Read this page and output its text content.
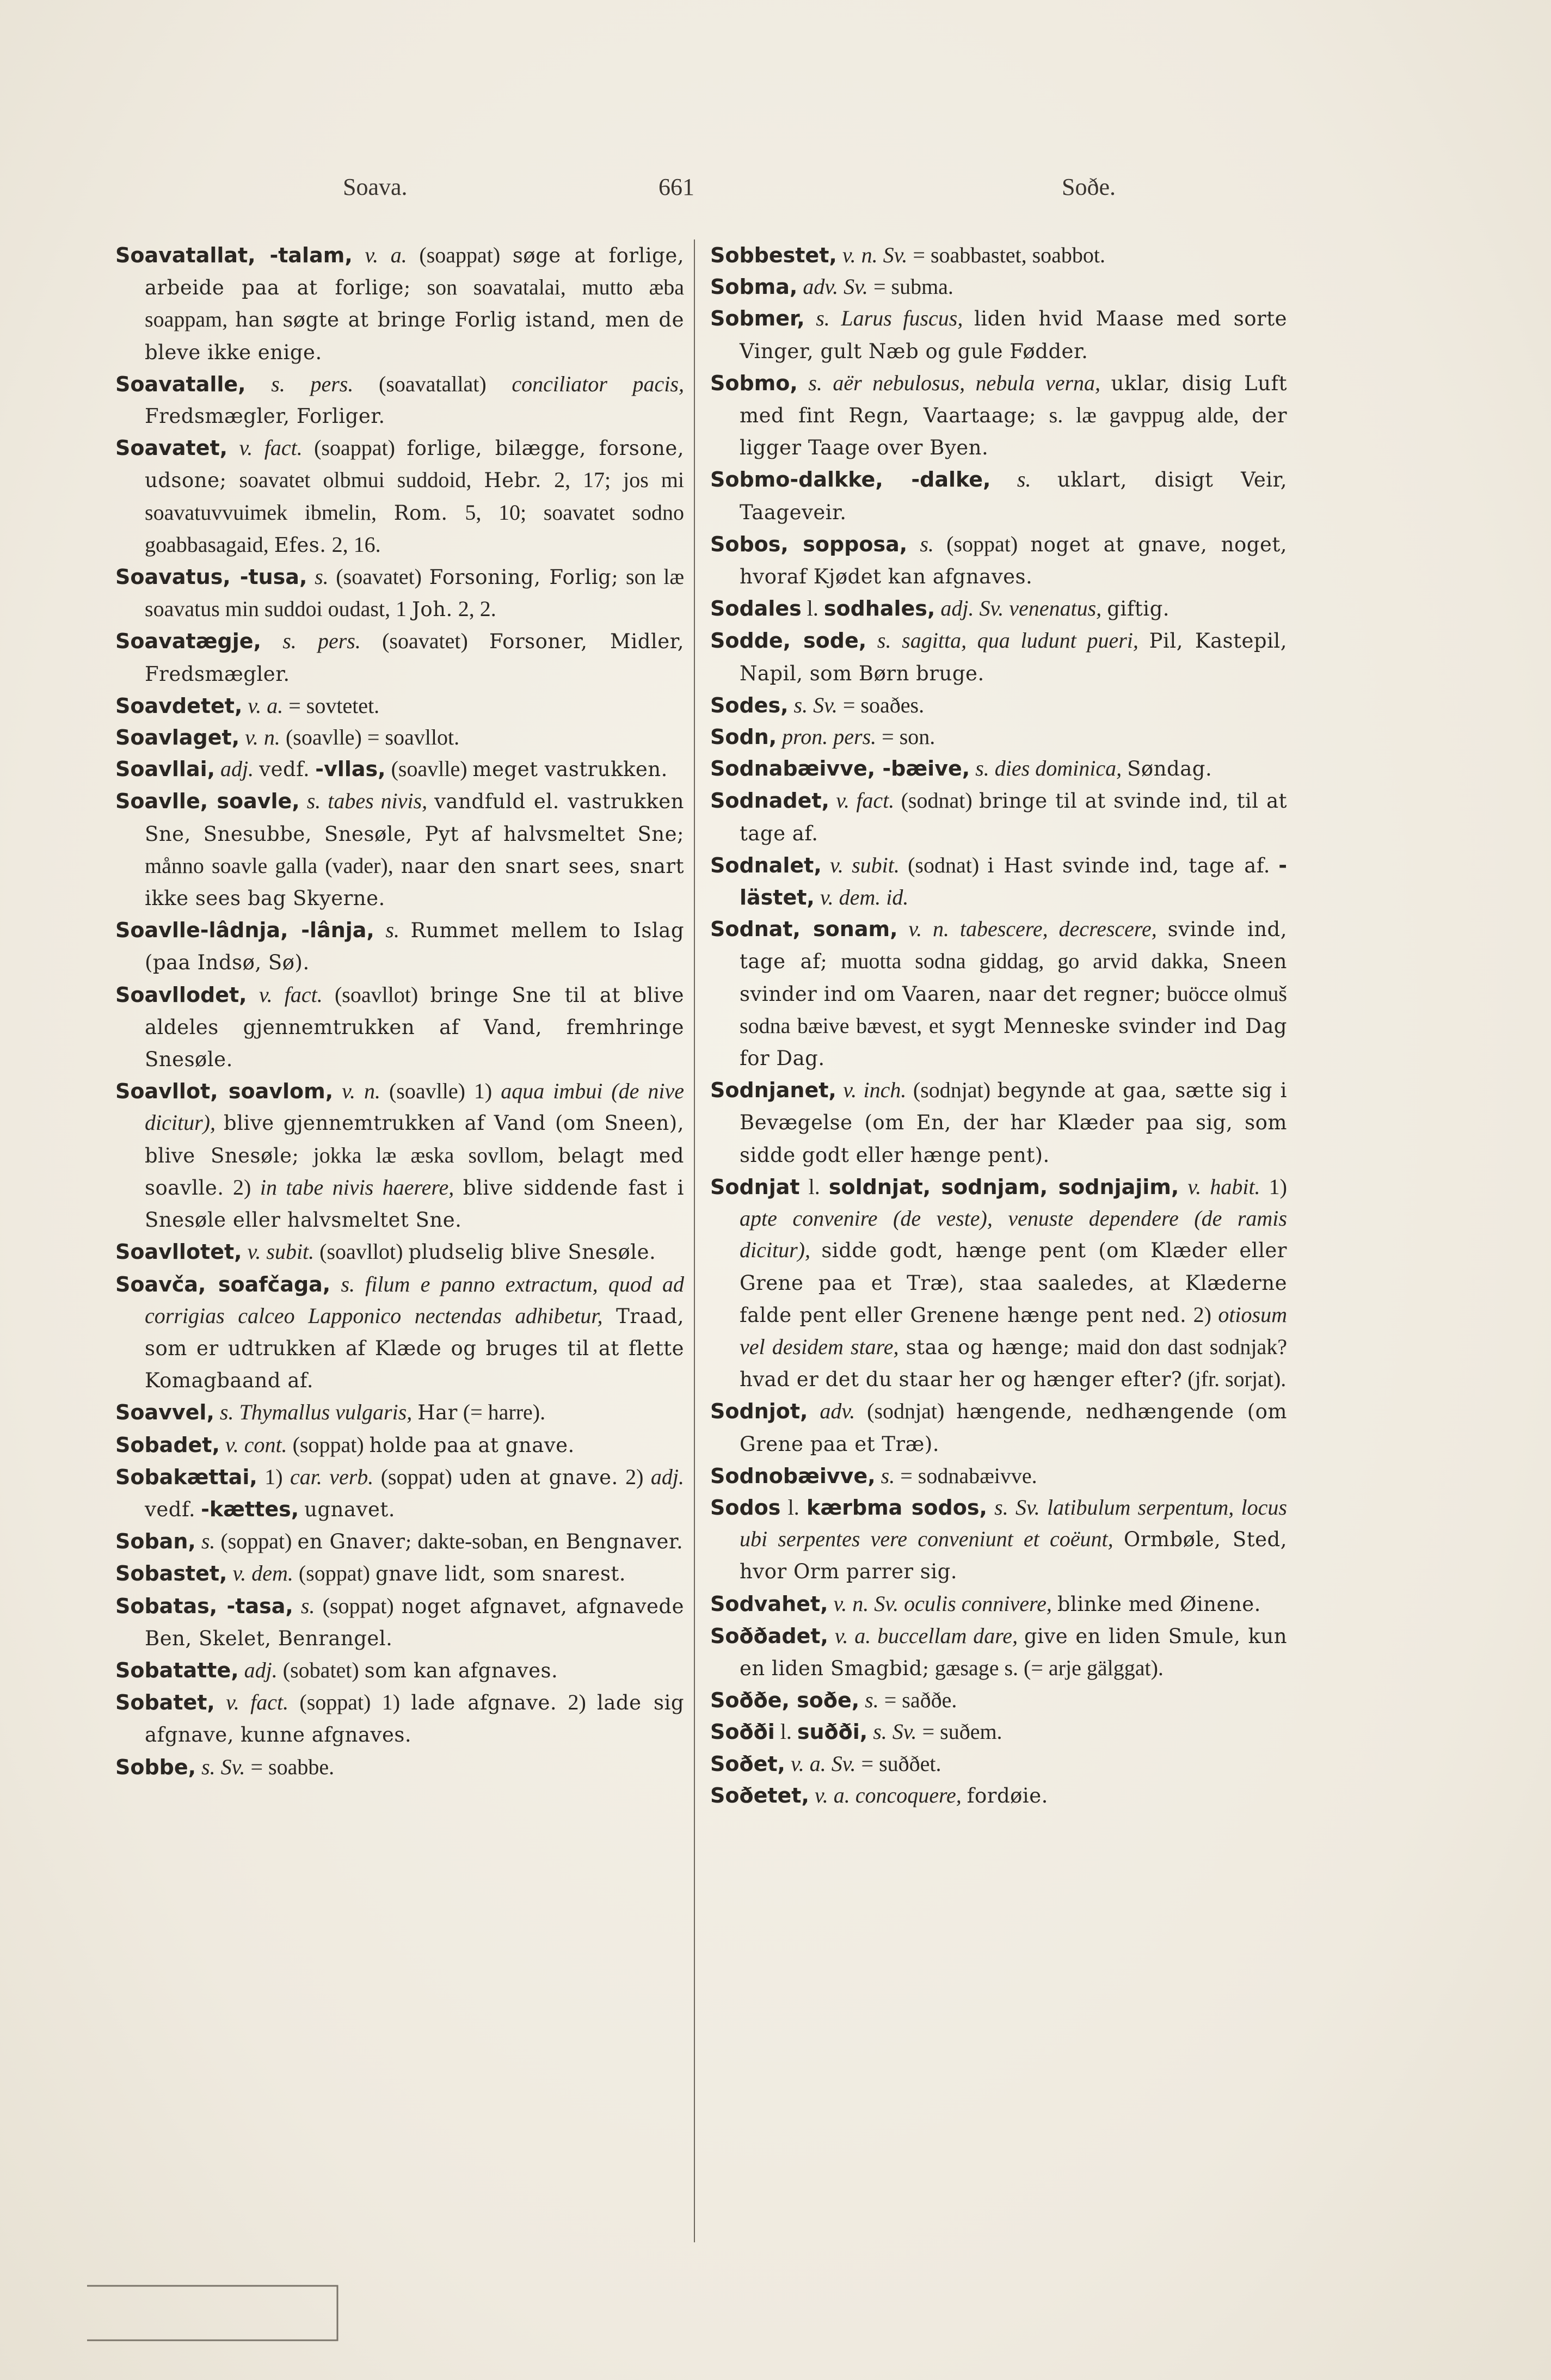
Soava.	661	Soðe.

Soavatallat, -talam, v. a. (soappat) søge at forlige, arbeide paa at forlige; son soavatalai, mutto æba soappam, han søgte at bringe Forlig istand, men de bleve ikke enige.

Soavatalle, s. pers. (soavatallat) conciliator pacis, Fredsmægler, Forliger.

Soavatet, v. fact. (soappat) forlige, bilægge, forsone, udsone; soavatet olbmui suddoid, Hebr. 2, 17; jos mi soavatuvvuimek ibmelin, Rom. 5, 10; soavatet sodno goabbasagaid, Efes. 2, 16.

Soavatus, -tusa, s. (soavatet) Forsoning, Forlig; son læ soavatus min suddoi oudast, 1 Joh. 2, 2.

Soavatægje, s. pers. (soavatet) Forsoner, Midler, Fredsmægler.

Soavdetet, v. a. = sovtetet.

Soavlaget, v. n. (soavlle) = soavllot.

Soavllai, adj. vedf. -vllas, (soavlle) meget vastrukken.

Soavlle, soavle, s. tabes nivis, vandfuld el. vastrukken Sne, Snesubbe, Snesøle, Pyt af halvsmeltet Sne; månno soavle galla (vader), naar den snart sees, snart ikke sees bag Skyerne.

Soavlle-lâdnja, -lânja, s. Rummet mellem to Islag (paa Indsø, Sø).

Soavllodet, v. fact. (soavllot) bringe Sne til at blive aldeles gjennemtrukken af Vand, fremhringe Snesøle.

Soavllot, soavlom, v. n. (soavlle) 1) aqua imbui (de nive dicitur), blive gjennemtrukken af Vand (om Sneen), blive Snesøle; jokka læ æska sovllom, belagt med soavlle. 2) in tabe nivis haerere, blive siddende fast i Snesøle eller halvsmeltet Sne.

Soavllotet, v. subit. (soavllot) pludselig blive Snesøle.

Soavča, soafčaga, s. filum e panno extractum, quod ad corrigias calceo Lapponico nectendas adhibetur, Traad, som er udtrukken af Klæde og bruges til at flette Komagbaand af.

Soavvel, s. Thymallus vulgaris, Har (= harre).

Sobadet, v. cont. (soppat) holde paa at gnave.

Sobakættai, 1) car. verb. (soppat) uden at gnave. 2) adj. vedf. -kættes, ugnavet.

Soban, s. (soppat) en Gnaver; dakte-soban, en Bengnaver.

Sobastet, v. dem. (soppat) gnave lidt, som snarest.

Sobatas, -tasa, s. (soppat) noget afgnavet, afgnavede Ben, Skelet, Benrangel.

Sobatatte, adj. (sobatet) som kan afgnaves.

Sobatet, v. fact. (soppat) 1) lade afgnave. 2) lade sig afgnave, kunne afgnaves.

Sobbe, s. Sv. = soabbe.

Sobbestet, v. n. Sv. = soabbastet, soabbot.

Sobma, adv. Sv. = subma.

Sobmer, s. Larus fuscus, liden hvid Maase med sorte Vinger, gult Næb og gule Fødder.

Sobmo, s. aër nebulosus, nebula verna, uklar, disig Luft med fint Regn, Vaartaage; s. læ gavppug alde, der ligger Taage over Byen.

Sobmo-dalkke, -dalke, s. uklart, disigt Veir, Taageveir.

Sobos, sopposa, s. (soppat) noget at gnave, noget, hvoraf Kjødet kan afgnaves.

Sodales l. sodhales, adj. Sv. venenatus, giftig.

Sodde, sode, s. sagitta, qua ludunt pueri, Pil, Kastepil, Napil, som Børn bruge.

Sodes, s. Sv. = soaðes.

Sodn, pron. pers. = son.

Sodnabæivve, -bæive, s. dies dominica, Søndag.

Sodnadet, v. fact. (sodnat) bringe til at svinde ind, til at tage af.

Sodnalet, v. subit. (sodnat) i Hast svinde ind, tage af. -lästet, v. dem. id.

Sodnat, sonam, v. n. tabescere, decrescere, svinde ind, tage af; muotta sodna giddag, go arvid dakka, Sneen svinder ind om Vaaren, naar det regner; buöcce olmuš sodna bæive bævest, et sygt Menneske svinder ind Dag for Dag.

Sodnjanet, v. inch. (sodnjat) begynde at gaa, sætte sig i Bevægelse (om En, der har Klæder paa sig, som sidde godt eller hænge pent).

Sodnjat l. soldnjat, sodnjam, sodnjajim, v. habit. 1) apte convenire (de veste), venuste dependere (de ramis dicitur), sidde godt, hænge pent (om Klæder eller Grene paa et Træ), staa saaledes, at Klæderne falde pent eller Grenene hænge pent ned. 2) otiosum vel desidem stare, staa og hænge; maid don dast sodnjak? hvad er det du staar her og hænger efter? (jfr. sorjat).

Sodnjot, adv. (sodnjat) hængende, nedhængende (om Grene paa et Træ).

Sodnobæivve, s. = sodnabæivve.

Sodos l. kærbma sodos, s. Sv. latibulum serpentum, locus ubi serpentes vere conveniunt et coëunt, Ormbøle, Sted, hvor Orm parrer sig.

Sodvahet, v. n. Sv. oculis connivere, blinke med Øinene.

Soððadet, v. a. buccellam dare, give en liden Smule, kun en liden Smagbid; gæsage s. (= arje gälggat).

Soððe, soðe, s. = saððe.

Soðði l. suðði, s. Sv. = suðem.

Soðet, v. a. Sv. = suððet.

Soðetet, v. a. concoquere, fordøie.
